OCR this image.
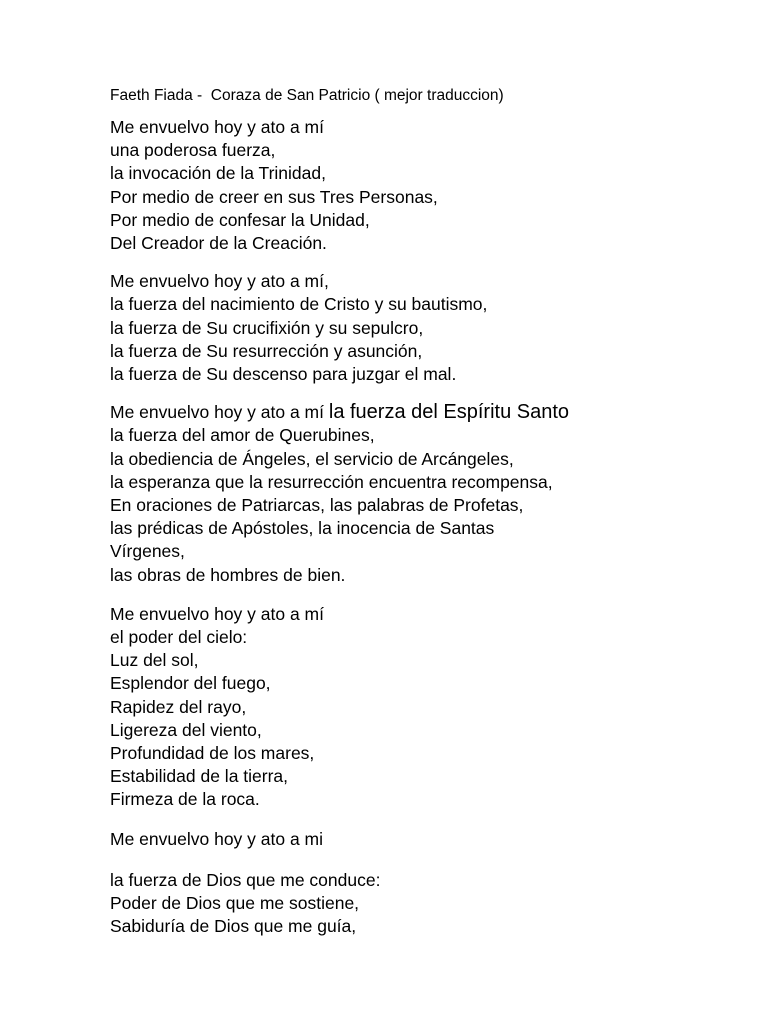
Faeth Fiada -  Coraza de San Patricio ( mejor traduccion)
Me envuelvo hoy y ato a mí
una poderosa fuerza,
la invocación de la Trinidad,
Por medio de creer en sus Tres Personas,
Por medio de confesar la Unidad,
Del Creador de la Creación.
Me envuelvo hoy y ato a mí,
la fuerza del nacimiento de Cristo y su bautismo,
la fuerza de Su crucifixión y su sepulcro,
la fuerza de Su resurrección y asunción,
la fuerza de Su descenso para juzgar el mal.
Me envuelvo hoy y ato a mí la fuerza del Espíritu Santo
la fuerza del amor de Querubines,
la obediencia de Ángeles, el servicio de Arcángeles,
la esperanza que la resurrección encuentra recompensa,
En oraciones de Patriarcas, las palabras de Profetas,
las prédicas de Apóstoles, la inocencia de Santas
Vírgenes,
las obras de hombres de bien.
Me envuelvo hoy y ato a mí
el poder del cielo:
Luz del sol,
Esplendor del fuego,
Rapidez del rayo,
Ligereza del viento,
Profundidad de los mares,
Estabilidad de la tierra,
Firmeza de la roca.
Me envuelvo hoy y ato a mi
la fuerza de Dios que me conduce:
Poder de Dios que me sostiene,
Sabiduría de Dios que me guía,
